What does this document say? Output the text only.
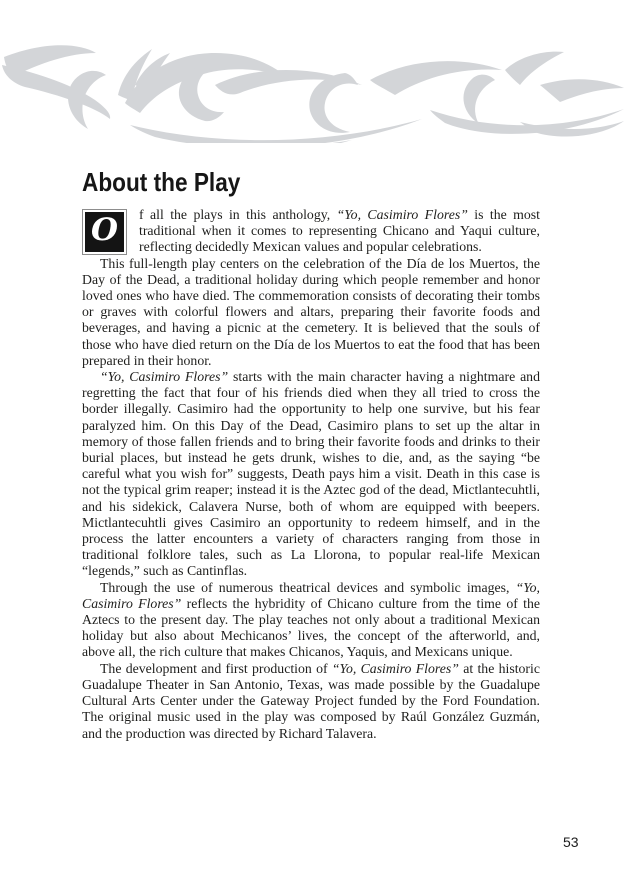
About the Play

O	f all the plays in this anthology, “Yo, Casimiro Flores” is the most traditional when it comes to representing Chicano and Yaqui culture, reflecting decidedly Mexican values and popular celebrations.

This full-length play centers on the celebration of the Día de los Muertos, the Day of the Dead, a traditional holiday during which people remember and honor loved ones who have died. The commemoration consists of decorating their tombs or graves with colorful flowers and altars, preparing their favorite foods and beverages, and having a picnic at the cemetery. It is believed that the souls of those who have died return on the Día de los Muertos to eat the food that has been prepared in their honor.

“Yo, Casimiro Flores” starts with the main character having a nightmare and regretting the fact that four of his friends died when they all tried to cross the border illegally. Casimiro had the opportunity to help one survive, but his fear paralyzed him. On this Day of the Dead, Casimiro plans to set up the altar in memory of those fallen friends and to bring their favorite foods and drinks to their burial places, but instead he gets drunk, wishes to die, and, as the saying “be careful what you wish for” suggests, Death pays him a visit. Death in this case is not the typical grim reaper; instead it is the Aztec god of the dead, Mictlantecuhtli, and his sidekick, Calavera Nurse, both of whom are equipped with beepers. Mictlantecuhtli gives Casimiro an opportunity to redeem himself, and in the process the latter encounters a variety of characters ranging from those in traditional folklore tales, such as La Llorona, to popular real-life Mexican “legends,” such as Cantinflas.

Through the use of numerous theatrical devices and symbolic images, “Yo, Casimiro Flores” reflects the hybridity of Chicano culture from the time of the Aztecs to the present day. The play teaches not only about a traditional Mexican holiday but also about Mechicanos’ lives, the concept of the afterworld, and, above all, the rich culture that makes Chicanos, Yaquis, and Mexicans unique.

The development and first production of “Yo, Casimiro Flores” at the historic Guadalupe Theater in San Antonio, Texas, was made possible by the Guadalupe Cultural Arts Center under the Gateway Project funded by the Ford Foundation. The original music used in the play was composed by Raúl González Guzmán, and the production was directed by Richard Talavera.

53
